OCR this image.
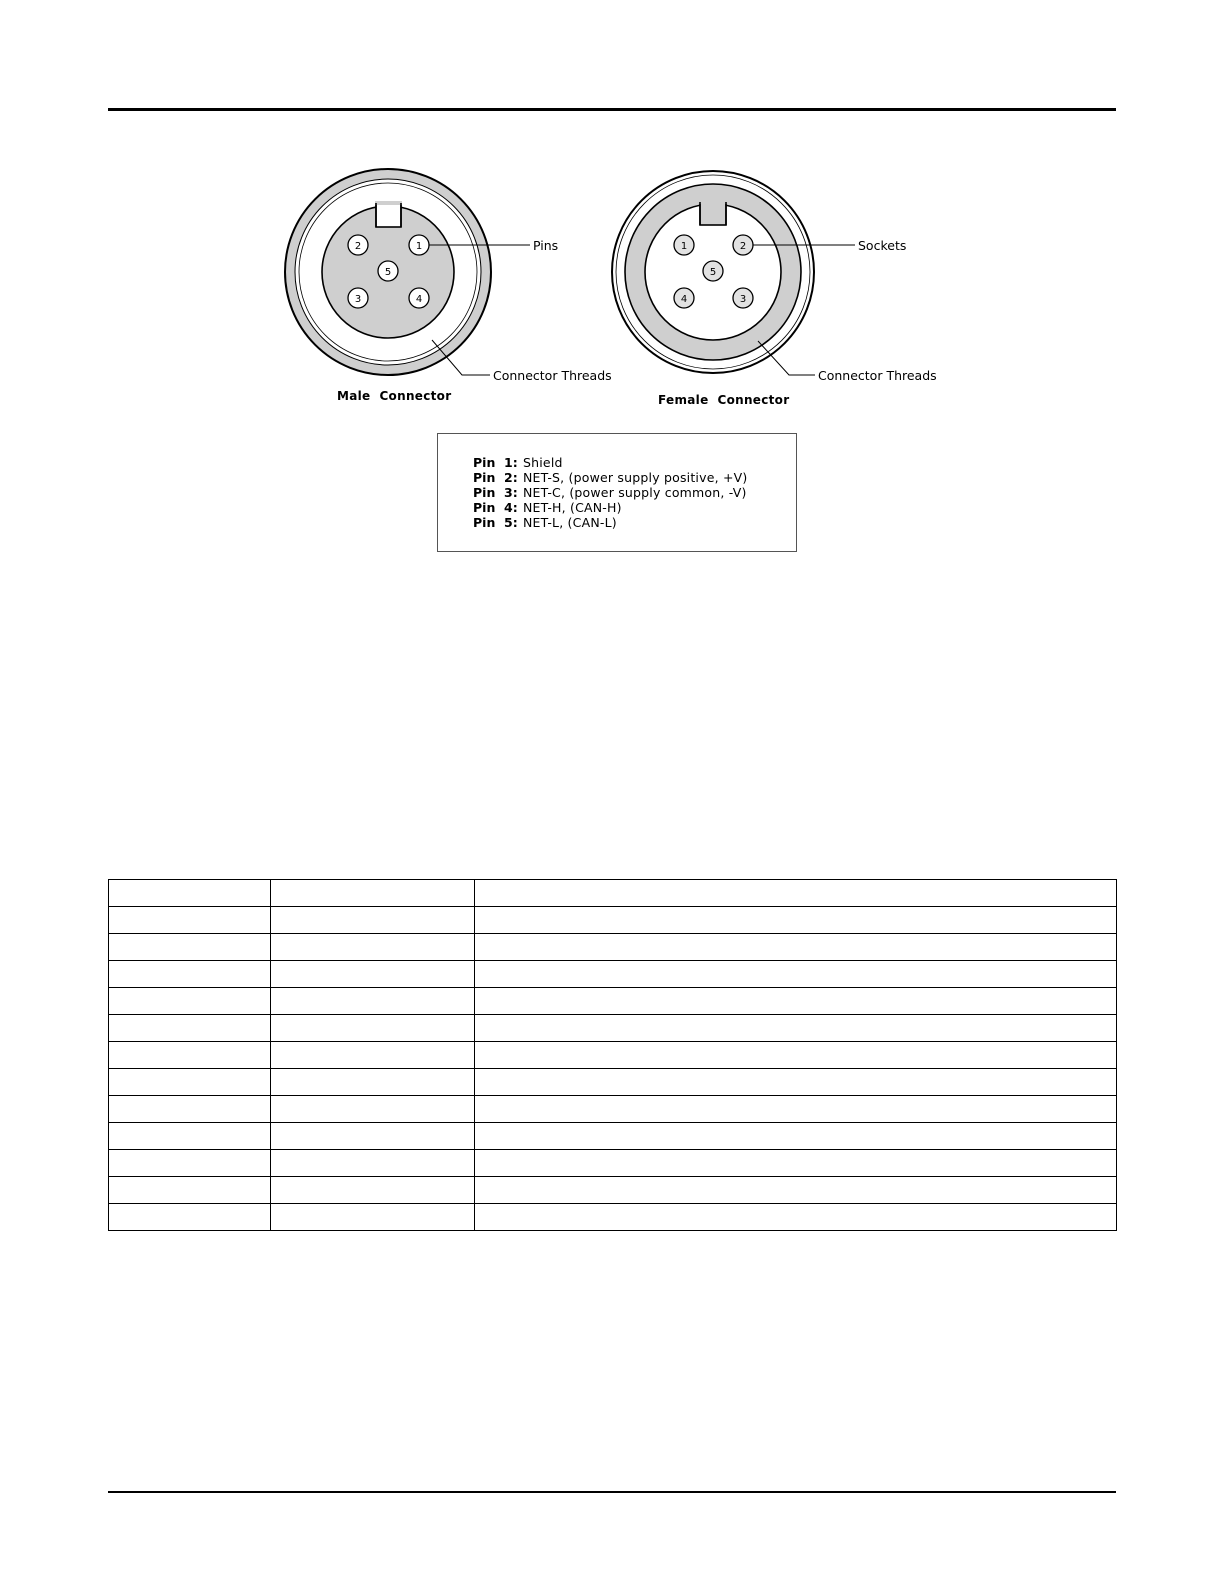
1
2
5
3	4
Pins
Connector Threads
Male  Connector
1	2
5
4	3
Sockets
Connector Threads
Female  Connector
Pin  1: Shield
Pin  2: NET-S, (power supply positive, +V)
Pin  3: NET-C, (power supply common, -V)
Pin  4: NET-H, (CAN-H)
Pin  5: NET-L, (CAN-L)
